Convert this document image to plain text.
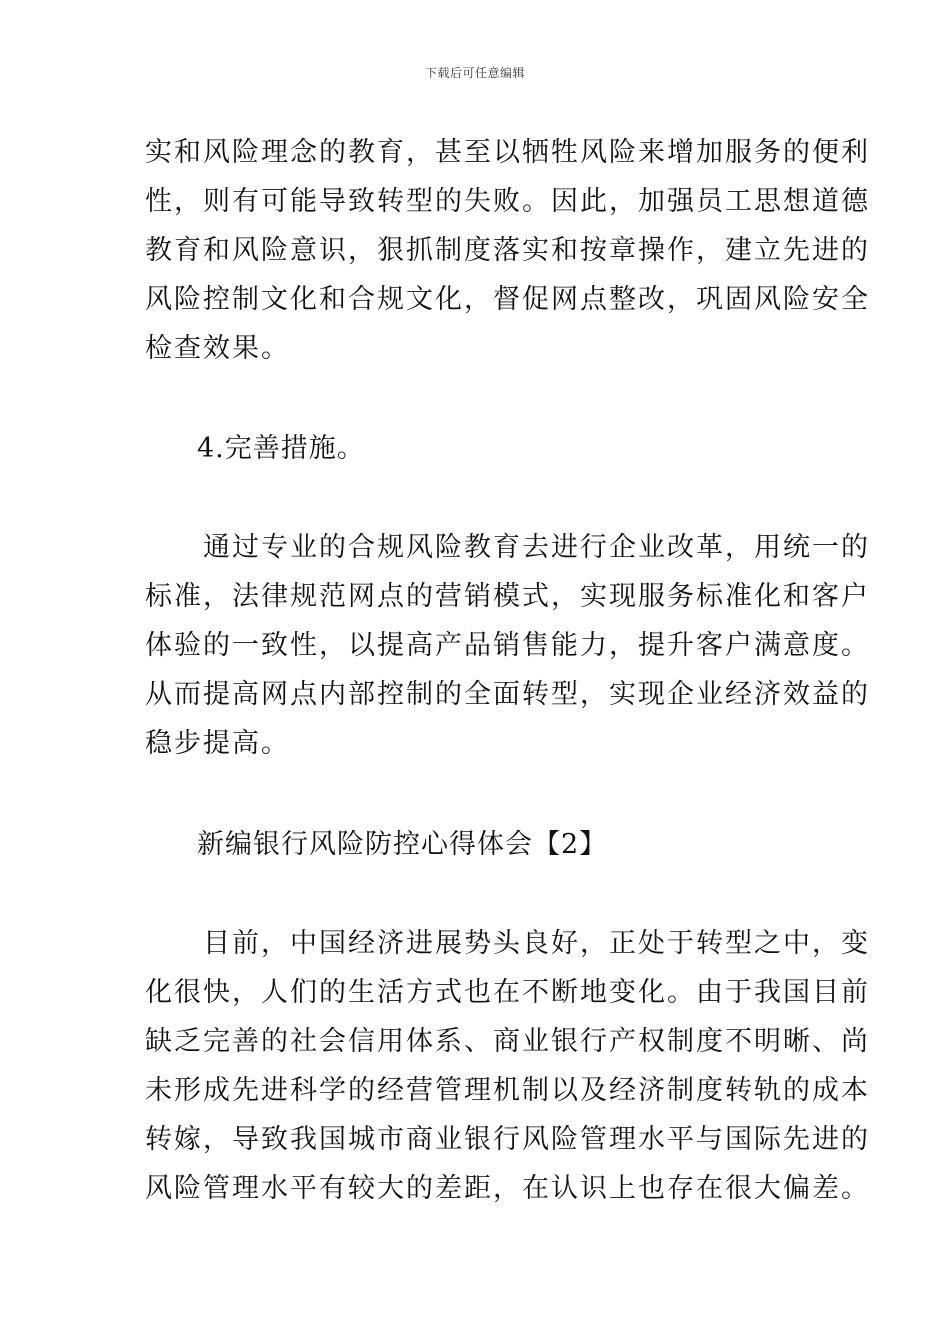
下载后可任意编辑

实和风险理念的教育，甚至以牺牲风险来增加服务的便利
性，则有可能导致转型的失败。因此，加强员工思想道德
教育和风险意识，狠抓制度落实和按章操作，建立先进的
风险控制文化和合规文化，督促网点整改，巩固风险安全
检查效果。

4.完善措施。

　　通过专业的合规风险教育去进行企业改革，用统一的
标准，法律规范网点的营销模式，实现服务标准化和客户
体验的一致性，以提高产品销售能力，提升客户满意度。
从而提高网点内部控制的全面转型，实现企业经济效益的
稳步提高。

新编银行风险防控心得体会【2】

　　目前，中国经济进展势头良好，正处于转型之中，变
化很快，人们的生活方式也在不断地变化。由于我国目前
缺乏完善的社会信用体系、商业银行产权制度不明晰、尚
未形成先进科学的经营管理机制以及经济制度转轨的成本
转嫁，导致我国城市商业银行风险管理水平与国际先进的
风险管理水平有较大的差距，在认识上也存在很大偏差。
